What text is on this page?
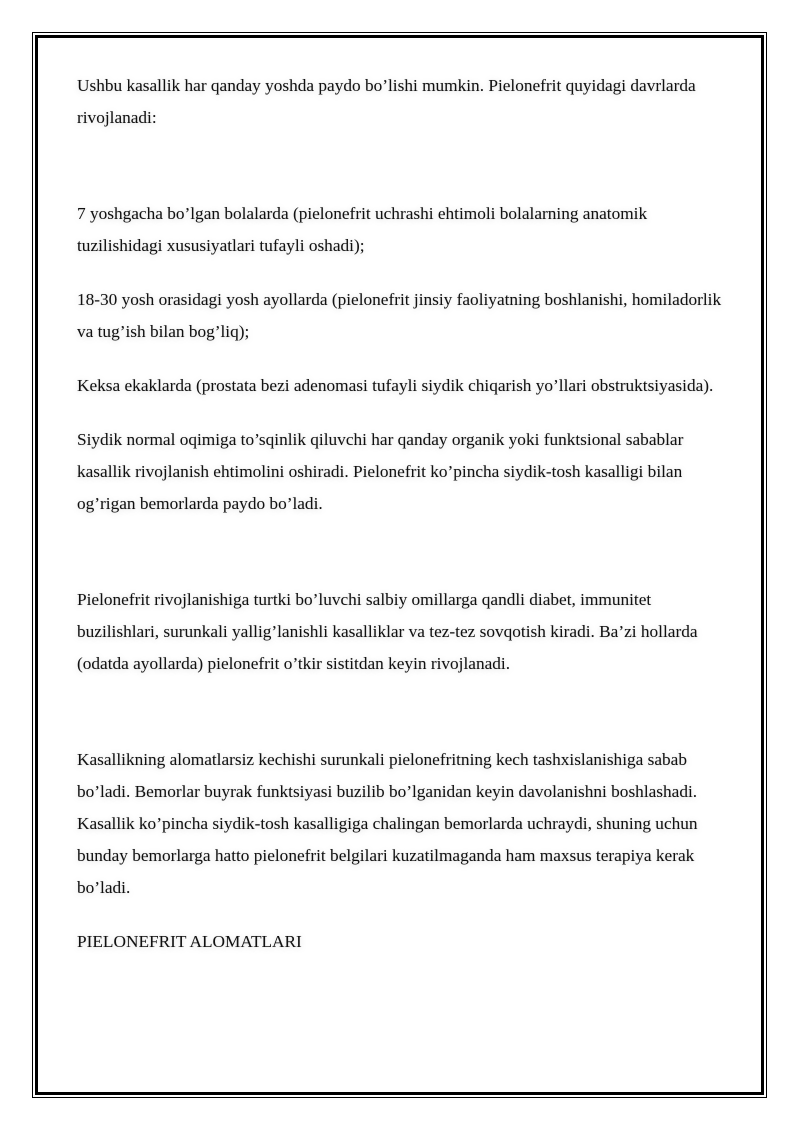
Ushbu kasallik har qanday yoshda paydo bo’lishi mumkin. Pielonefrit quyidagi davrlarda rivojlanadi:

7 yoshgacha bo’lgan bolalarda (pielonefrit uchrashi ehtimoli bolalarning anatomik tuzilishidagi xususiyatlari tufayli oshadi);

18-30 yosh orasidagi yosh ayollarda (pielonefrit jinsiy faoliyatning boshlanishi, homiladorlik va tug’ish bilan bog’liq);

Keksa ekaklarda (prostata bezi adenomasi tufayli siydik chiqarish yo’llari obstruktsiyasida).

Siydik normal oqimiga to’sqinlik qiluvchi har qanday organik yoki funktsional sabablar kasallik rivojlanish ehtimolini oshiradi. Pielonefrit ko’pincha siydik-tosh kasalligi bilan og’rigan bemorlarda paydo bo’ladi.

Pielonefrit rivojlanishiga turtki bo’luvchi salbiy omillarga qandli diabet, immunitet buzilishlari, surunkali yallig’lanishli kasalliklar va tez-tez sovqotish kiradi. Ba’zi hollarda (odatda ayollarda) pielonefrit o’tkir sistitdan keyin rivojlanadi.

Kasallikning alomatlarsiz kechishi surunkali pielonefritning kech tashxislanishiga sabab bo’ladi. Bemorlar buyrak funktsiyasi buzilib bo’lganidan keyin davolanishni boshlashadi. Kasallik ko’pincha siydik-tosh kasalligiga chalingan bemorlarda uchraydi, shuning uchun bunday bemorlarga hatto pielonefrit belgilari kuzatilmaganda ham maxsus terapiya kerak bo’ladi.

PIELONEFRIT ALOMATLARI
